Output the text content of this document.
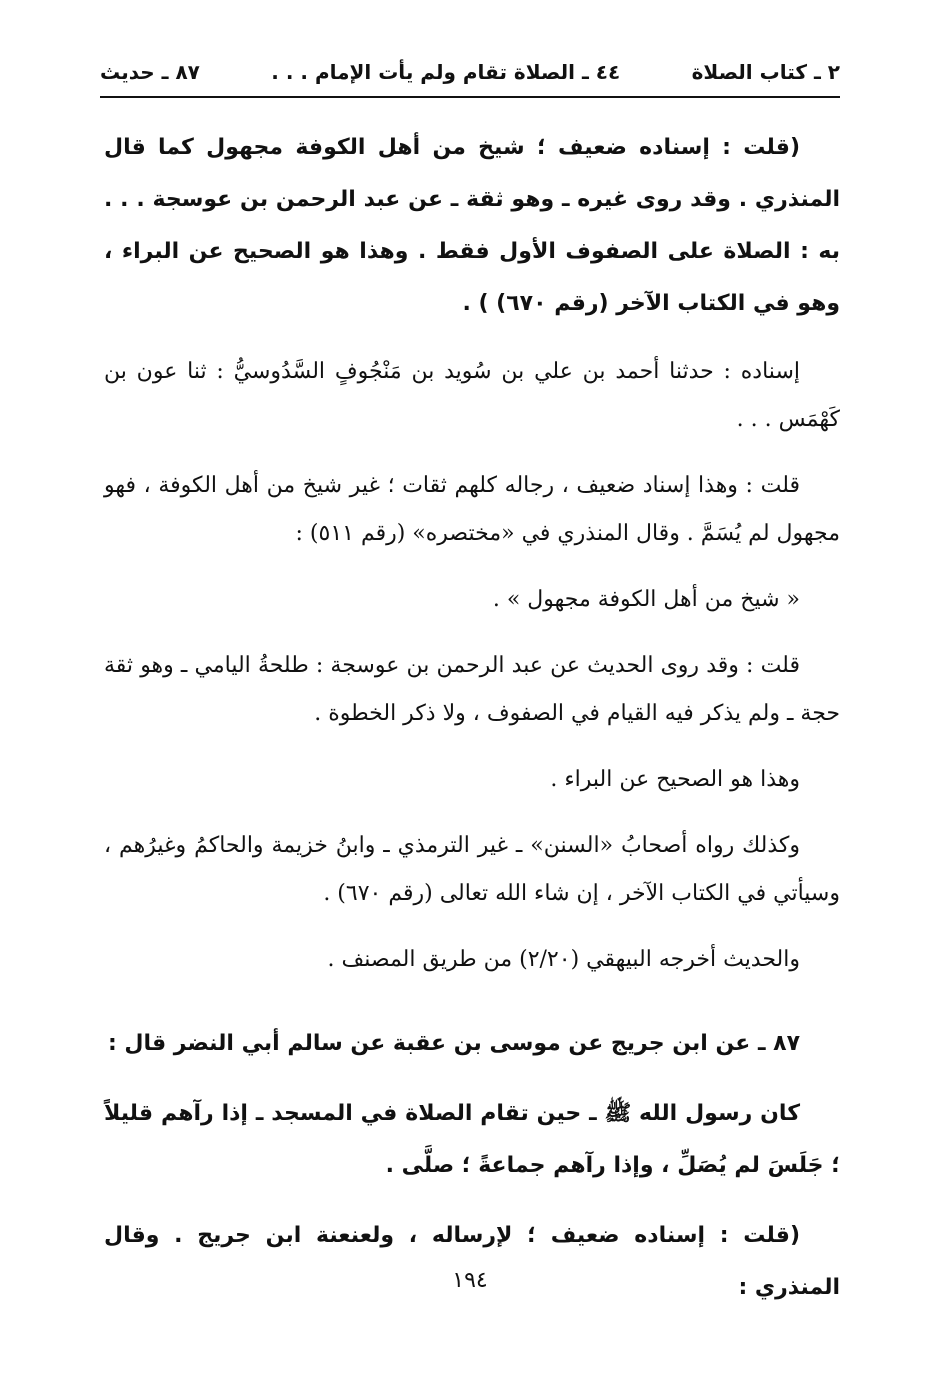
٢ ـ كتاب الصلاة
٤٤ ـ الصلاة تقام ولم يأت الإمام . . .
٨٧ ـ حديث

(قلت : إسناده ضعيف ؛ شيخ من أهل الكوفة مجهول كما قال المنذري . وقد روى غيره ـ وهو ثقة ـ عن عبد الرحمن بن عوسجة . . . به : الصلاة على الصفوف الأول فقط . وهذا هو الصحيح عن البراء ، وهو في الكتاب الآخر (رقم ٦٧٠) ) .

إسناده : حدثنا أحمد بن علي بن سُويد بن مَنْجُوفٍ السَّدُوسيُّ : ثنا عون بن كَهْمَس . . .

قلت : وهذا إسناد ضعيف ، رجاله كلهم ثقات ؛ غير شيخ من أهل الكوفة ، فهو مجهول لم يُسَمَّ . وقال المنذري في «مختصره» (رقم ٥١١) :

« شيخ من أهل الكوفة مجهول » .

قلت : وقد روى الحديث عن عبد الرحمن بن عوسجة : طلحةُ اليامي ـ وهو ثقة حجة ـ ولم يذكر فيه القيام في الصفوف ، ولا ذكر الخطوة .

وهذا هو الصحيح عن البراء .

وكذلك رواه أصحابُ «السنن» ـ غير الترمذي ـ وابنُ خزيمة والحاكمُ وغيرُهم ، وسيأتي في الكتاب الآخر ، إن شاء الله تعالى (رقم ٦٧٠) .

والحديث أخرجه البيهقي (٢/٢٠) من طريق المصنف .

٨٧ ـ عن ابن جريج عن موسى بن عقبة عن سالم أبي النضر قال :

كان رسول الله ﷺ ـ حين تقام الصلاة في المسجد ـ إذا رآهم قليلاً ؛ جَلَسَ لم يُصَلِّ ، وإذا رآهم جماعةً ؛ صلَّى .

(قلت : إسناده ضعيف ؛ لإرساله ، ولعنعنة ابن جريج . وقال المنذري :

١٩٤
